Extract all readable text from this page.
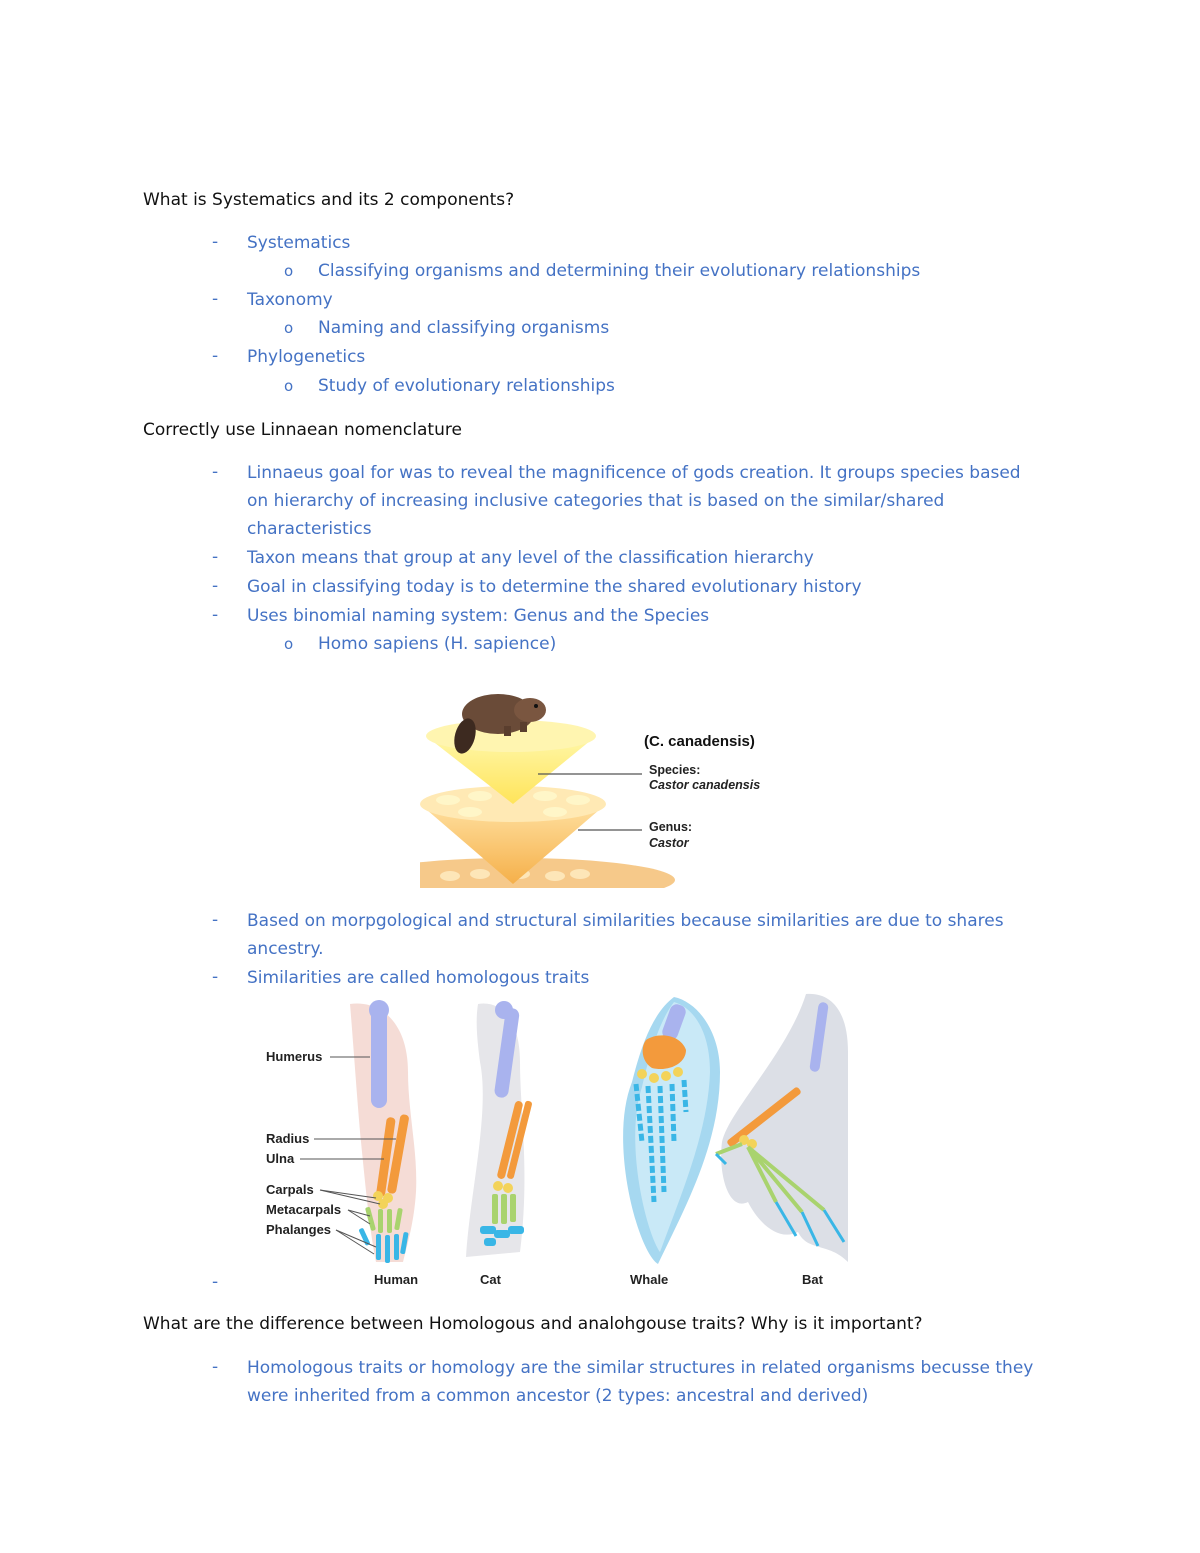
What is Systematics and its 2 components?
- Systematics
o Classifying organisms and determining their evolutionary relationships
- Taxonomy
o Naming and classifying organisms
- Phylogenetics
o Study of evolutionary relationships
Correctly use Linnaean nomenclature
- Linnaeus goal for was to reveal the magnificence of gods creation. It groups species based
on hierarchy of increasing inclusive categories that is based on the similar/shared
characteristics
- Taxon means that group at any level of the classification hierarchy
- Goal in classifying today is to determine the shared evolutionary history
- Uses binomial naming system: Genus and the Species
o Homo sapiens (H. sapience)
(C. canadensis)
Species:
Castor canadensis
Genus:
Castor
- Based on morpgological and structural similarities because similarities are due to shares
ancestry.
- Similarities are called homologous traits
Humerus
Radius
Ulna
Carpals
Metacarpals
Phalanges
Human	Cat	Whale	Bat
-
What are the difference between Homologous and analohgouse traits? Why is it important?
- Homologous traits or homology are the similar structures in related organisms becusse they
were inherited from a common ancestor (2 types: ancestral and derived)
